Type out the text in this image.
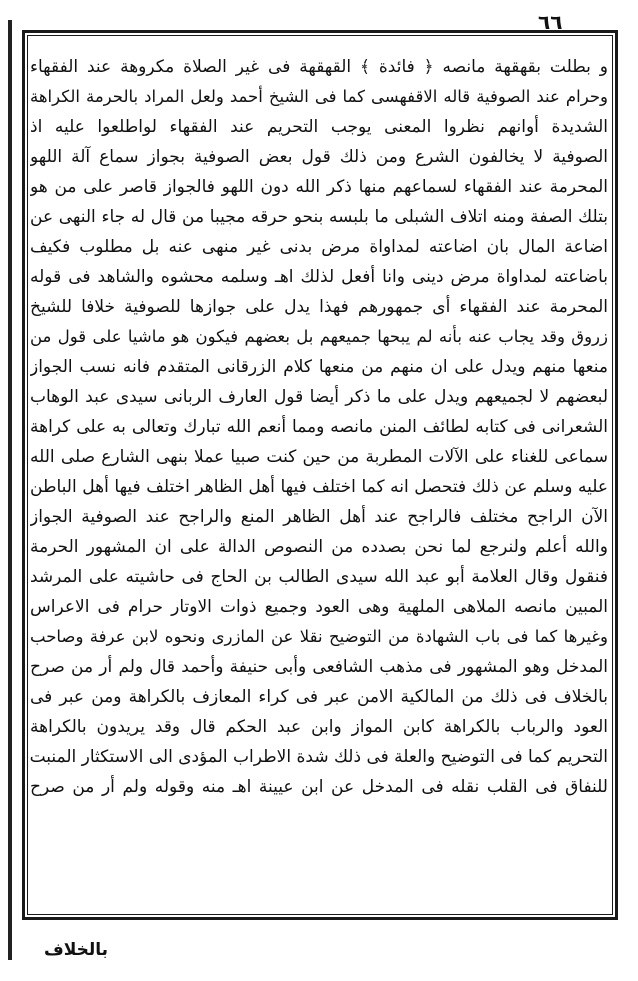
٦٦
و بطلت بقهقهة مانصه ﴿ فائدة ﴾ القهقهة فى غير الصلاة مكروهة عند الفقهاء
وحرام عند الصوفية قاله الاقفهسى كما فى الشيخ أحمد ولعل المراد بالحرمة الكراهة
الشديدة أوانهم نظروا المعنى يوجب التحريم عند الفقهاء لواطلعوا عليه اذ
الصوفية لا يخالفون الشرع ومن ذلك قول بعض الصوفية بجواز سماع آلة اللهو
المحرمة عند الفقهاء لسماعهم منها ذكر الله دون اللهو فالجواز قاصر على من هو
بتلك الصفة ومنه اتلاف الشبلى ما بلبسه بنحو حرقه مجيبا من قال له جاء النهى عن
اضاعة المال بان اضاعته لمداواة مرض بدنى غير منهى عنه بل مطلوب فكيف
باضاعته لمداواة مرض دينى وانا أفعل لذلك اهـ وسلمه محشوه والشاهد فى قوله
المحرمة عند الفقهاء أى جمهورهم فهذا يدل على جوازها للصوفية خلافا للشيخ
زروق وقد يجاب عنه بأنه لم يبحها جميعهم بل بعضهم فيكون هو ماشيا على قول من
منعها منهم ويدل على ان منهم من منعها كلام الزرقانى المتقدم فانه نسب الجواز
لبعضهم لا لجميعهم ويدل على ما ذكر أيضا قول العارف الربانى سيدى عبد الوهاب
الشعرانى فى كتابه لطائف المنن مانصه ومما أنعم الله تبارك وتعالى به على كراهة
سماعى للغناء على الآلات المطربة من حين كنت صبيا عملا بنهى الشارع صلى الله
عليه وسلم عن ذلك فتحصل انه كما اختلف فيها أهل الظاهر اختلف فيها أهل الباطن
الآن الراجح مختلف فالراجح عند أهل الظاهر المنع والراجح عند الصوفية الجواز
والله أعلم ولنرجع لما نحن بصدده من النصوص الدالة على ان المشهور الحرمة
فنقول وقال العلامة أبو عبد الله سيدى الطالب بن الحاج فى حاشيته على المرشد
المبين مانصه الملاهى الملهية وهى العود وجميع ذوات الاوتار حرام فى الاعراس
وغيرها كما فى باب الشهادة من التوضيح نقلا عن المازرى ونحوه لابن عرفة وصاحب
المدخل وهو المشهور فى مذهب الشافعى وأبى حنيفة وأحمد قال ولم أر من صرح
بالخلاف فى ذلك من المالكية الامن عبر فى كراء المعازف بالكراهة ومن عبر فى
العود والرباب بالكراهة كابن المواز وابن عبد الحكم قال وقد يريدون بالكراهة
التحريم كما فى التوضيح والعلة فى ذلك شدة الاطراب المؤدى الى الاستكثار المنبت
للنفاق فى القلب نقله فى المدخل عن ابن عيينة اهـ منه وقوله ولم أر من صرح
بالخلاف
